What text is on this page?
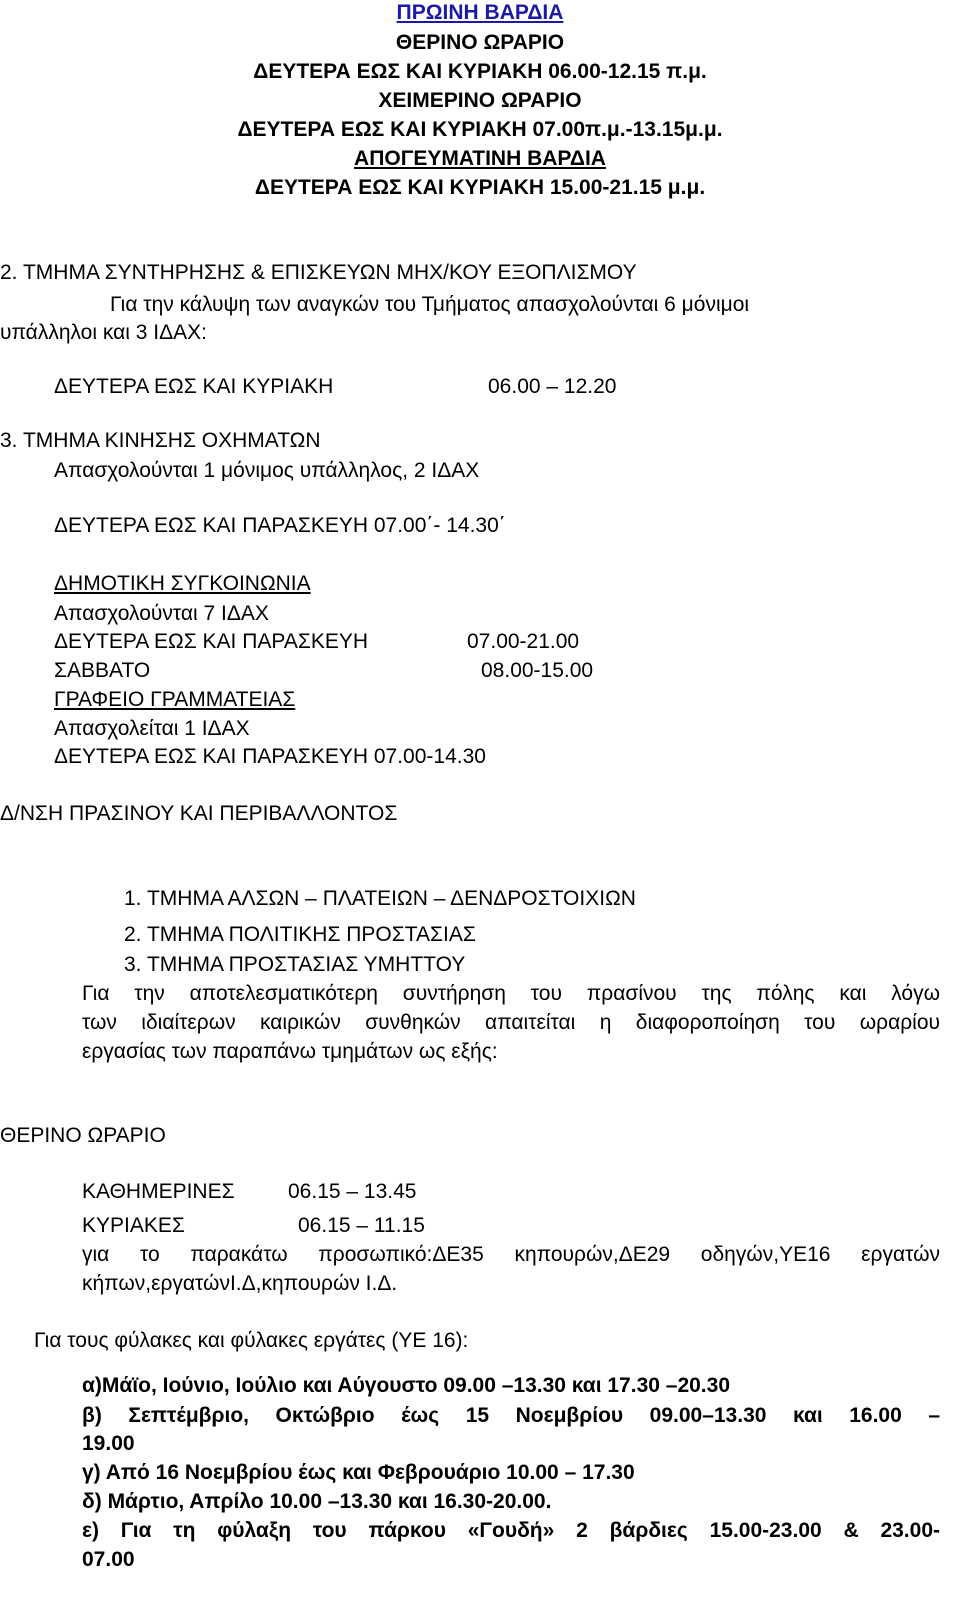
ΠΡΩΙΝΗ ΒΑΡΔΙΑ
ΘΕΡΙΝΟ ΩΡΑΡΙΟ
ΔΕΥΤΕΡΑ ΕΩΣ ΚΑΙ ΚΥΡΙΑΚΗ 06.00-12.15 π.μ.
ΧΕΙΜΕΡΙΝΟ ΩΡΑΡΙΟ
ΔΕΥΤΕΡΑ ΕΩΣ ΚΑΙ ΚΥΡΙΑΚΗ 07.00π.μ.-13.15μ.μ.
ΑΠΟΓΕΥΜΑΤΙΝΗ ΒΑΡΔΙΑ
ΔΕΥΤΕΡΑ ΕΩΣ ΚΑΙ ΚΥΡΙΑΚΗ 15.00-21.15 μ.μ.
2. ΤΜΗΜΑ ΣΥΝΤΗΡΗΣΗΣ & ΕΠΙΣΚΕΥΩΝ ΜΗΧ/ΚΟΥ ΕΞΟΠΛΙΣΜΟΥ
Για την κάλυψη των αναγκών του Τμήματος απασχολούνται 6 μόνιμοι
υπάλληλοι και 3 ΙΔΑΧ:
ΔΕΥΤΕΡΑ ΕΩΣ ΚΑΙ ΚΥΡΙΑΚΗ	06.00 – 12.20
3. ΤΜΗΜΑ ΚΙΝΗΣΗΣ ΟΧΗΜΑΤΩΝ
Απασχολούνται 1 μόνιμος υπάλληλος, 2 ΙΔΑΧ
ΔΕΥΤΕΡΑ ΕΩΣ ΚΑΙ ΠΑΡΑΣΚΕΥΗ 07.00΄- 14.30΄
ΔΗΜΟΤΙΚΗ ΣΥΓΚΟΙΝΩΝΙΑ
Απασχολούνται 7 ΙΔΑΧ
ΔΕΥΤΕΡΑ ΕΩΣ ΚΑΙ ΠΑΡΑΣΚΕΥΗ	07.00-21.00
ΣΑΒΒΑΤΟ	08.00-15.00
ΓΡΑΦΕΙΟ ΓΡΑΜΜΑΤΕΙΑΣ
Απασχολείται 1 ΙΔΑΧ
ΔΕΥΤΕΡΑ ΕΩΣ ΚΑΙ ΠΑΡΑΣΚΕΥΗ 07.00-14.30
Δ/ΝΣΗ ΠΡΑΣΙΝΟΥ ΚΑΙ ΠΕΡΙΒΑΛΛΟΝΤΟΣ
1. ΤΜΗΜΑ ΑΛΣΩΝ – ΠΛΑΤΕΙΩΝ – ΔΕΝΔΡΟΣΤΟΙΧΙΩΝ
2. ΤΜΗΜΑ ΠΟΛΙΤΙΚΗΣ ΠΡΟΣΤΑΣΙΑΣ
3. ΤΜΗΜΑ ΠΡΟΣΤΑΣΙΑΣ ΥΜΗΤΤΟΥ
Για την αποτελεσματικότερη συντήρηση του πρασίνου της πόλης και λόγω
των ιδιαίτερων καιρικών συνθηκών απαιτείται η διαφοροποίηση του ωραρίου
εργασίας των παραπάνω τμημάτων ως εξής:
ΘΕΡΙΝΟ ΩΡΑΡΙΟ
ΚΑΘΗΜΕΡΙΝΕΣ	06.15 – 13.45
ΚΥΡΙΑΚΕΣ	06.15 – 11.15
για το παρακάτω προσωπικό:ΔΕ35 κηπουρών,ΔΕ29 οδηγών,ΥΕ16 εργατών
κήπων,εργατώνΙ.Δ,κηπουρών Ι.Δ.
Για τους φύλακες και φύλακες εργάτες (ΥΕ 16):
α)Μάϊο, Ιούνιο, Ιούλιο και Αύγουστο 09.00 –13.30 και 17.30 –20.30
β) Σεπτέμβριο, Οκτώβριο έως 15 Νοεμβρίου 09.00–13.30 και 16.00 –
19.00
γ) Από 16 Νοεμβρίου έως και Φεβρουάριο 10.00 – 17.30
δ) Μάρτιο, Απρίλο 10.00 –13.30 και 16.30-20.00.
ε) Για τη φύλαξη του πάρκου «Γουδή» 2 βάρδιες 15.00-23.00 & 23.00-
07.00
